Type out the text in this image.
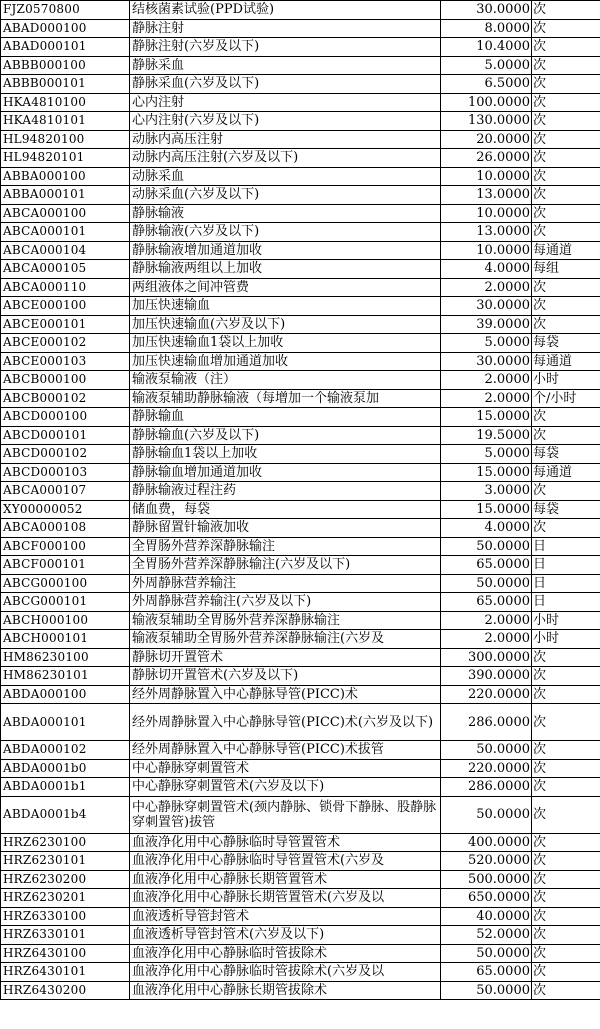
FJZ0570800	结核菌素试验(PPD试验)	30.0000	次
ABAD000100	静脉注射	8.0000	次
ABAD000101	静脉注射(六岁及以下)	10.4000	次
ABBB000100	静脉采血	5.0000	次
ABBB000101	静脉采血(六岁及以下)	6.5000	次
HKA4810100	心内注射	100.0000	次
HKA4810101	心内注射(六岁及以下)	130.0000	次
HL94820100	动脉内高压注射	20.0000	次
HL94820101	动脉内高压注射(六岁及以下)	26.0000	次
ABBA000100	动脉采血	10.0000	次
ABBA000101	动脉采血(六岁及以下)	13.0000	次
ABCA000100	静脉输液	10.0000	次
ABCA000101	静脉输液(六岁及以下)	13.0000	次
ABCA000104	静脉输液增加通道加收	10.0000	每通道
ABCA000105	静脉输液两组以上加收	4.0000	每组
ABCA000110	两组液体之间冲管费	2.0000	次
ABCE000100	加压快速输血	30.0000	次
ABCE000101	加压快速输血(六岁及以下)	39.0000	次
ABCE000102	加压快速输血1袋以上加收	5.0000	每袋
ABCE000103	加压快速输血增加通道加收	30.0000	每通道
ABCB000100	输液泵输液（注）	2.0000	小时
ABCB000102	输液泵辅助静脉输液（每增加一个输液泵加	2.0000	个/小时
ABCD000100	静脉输血	15.0000	次
ABCD000101	静脉输血(六岁及以下)	19.5000	次
ABCD000102	静脉输血1袋以上加收	5.0000	每袋
ABCD000103	静脉输血增加通道加收	15.0000	每通道
ABCA000107	静脉输液过程注药	3.0000	次
XY00000052	储血费，每袋	15.0000	每袋
ABCA000108	静脉留置针输液加收	4.0000	次
ABCF000100	全胃肠外营养深静脉输注	50.0000	日
ABCF000101	全胃肠外营养深静脉输注(六岁及以下)	65.0000	日
ABCG000100	外周静脉营养输注	50.0000	日
ABCG000101	外周静脉营养输注(六岁及以下)	65.0000	日
ABCH000100	输液泵辅助全胃肠外营养深静脉输注	2.0000	小时
ABCH000101	输液泵辅助全胃肠外营养深静脉输注(六岁及	2.0000	小时
HM86230100	静脉切开置管术	300.0000	次
HM86230101	静脉切开置管术(六岁及以下)	390.0000	次
ABDA000100	经外周静脉置入中心静脉导管(PICC)术	220.0000	次
ABDA000101	经外周静脉置入中心静脉导管(PICC)术(六岁及以下)	286.0000	次
ABDA000102	经外周静脉置入中心静脉导管(PICC)术拔管	50.0000	次
ABDA0001b0	中心静脉穿刺置管术	220.0000	次
ABDA0001b1	中心静脉穿刺置管术(六岁及以下)	286.0000	次
ABDA0001b4	中心静脉穿刺置管术(颈内静脉、锁骨下静脉、股静脉穿刺置管)拔管	50.0000	次
HRZ6230100	血液净化用中心静脉临时导管置管术	400.0000	次
HRZ6230101	血液净化用中心静脉临时导管置管术(六岁及	520.0000	次
HRZ6230200	血液净化用中心静脉长期管置管术	500.0000	次
HRZ6230201	血液净化用中心静脉长期管置管术(六岁及以	650.0000	次
HRZ6330100	血液透析导管封管术	40.0000	次
HRZ6330101	血液透析导管封管术(六岁及以下)	52.0000	次
HRZ6430100	血液净化用中心静脉临时管拔除术	50.0000	次
HRZ6430101	血液净化用中心静脉临时管拔除术(六岁及以	65.0000	次
HRZ6430200	血液净化用中心静脉长期管拔除术	50.0000	次
